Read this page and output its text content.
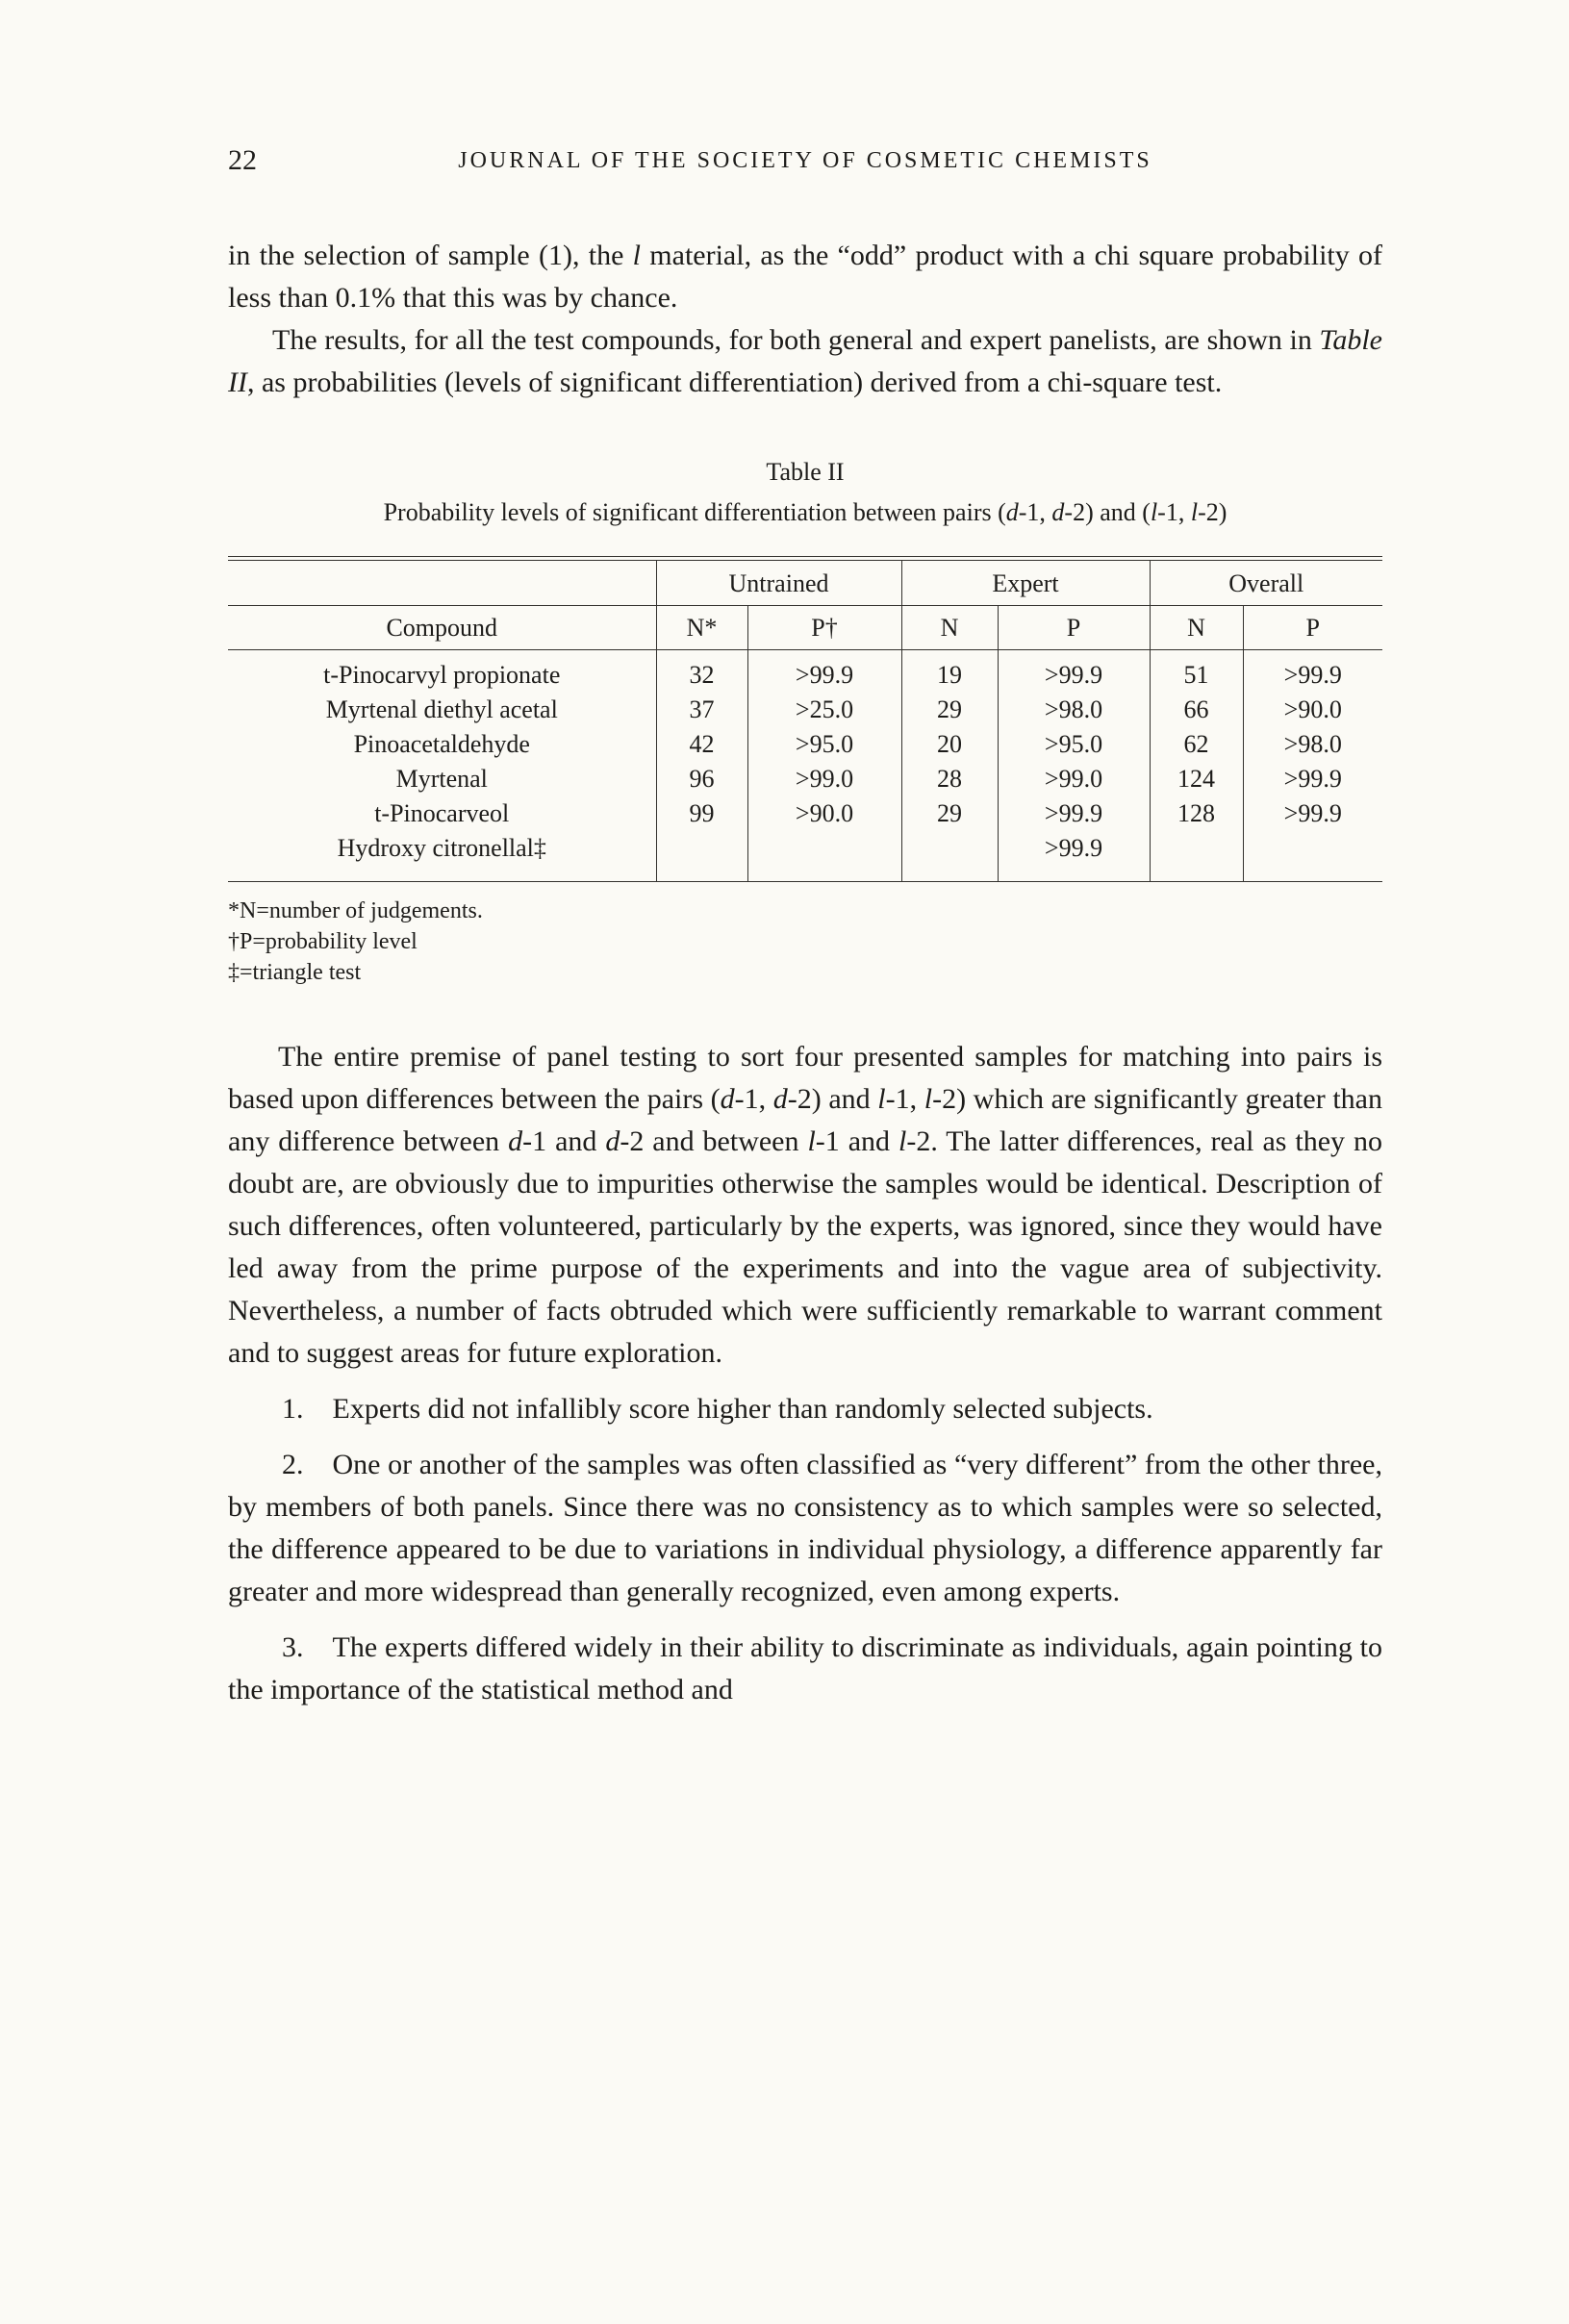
22	JOURNAL OF THE SOCIETY OF COSMETIC CHEMISTS

in the selection of sample (1), the l material, as the “odd” product with a chi square probability of less than 0.1% that this was by chance.

The results, for all the test compounds, for both general and expert panelists, are shown in Table II, as probabilities (levels of significant differentiation) derived from a chi-square test.

Table II
Probability levels of significant differentiation between pairs (d-1, d-2) and (l-1, l-2)
	Untrained		Expert		Overall	
Compound	N*	P†	N	P	N	P
t-Pinocarvyl propionate	32	>99.9	19	>99.9	51	>99.9
Myrtenal diethyl acetal	37	>25.0	29	>98.0	66	>90.0
Pinoacetaldehyde	42	>95.0	20	>95.0	62	>98.0
Myrtenal	96	>99.0	28	>99.0	124	>99.9
t-Pinocarveol	99	>90.0	29	>99.9	128	>99.9
Hydroxy citronellal‡				>99.9		
*N=number of judgements.
†P=probability level
‡=triangle test

The entire premise of panel testing to sort four presented samples for matching into pairs is based upon differences between the pairs (d-1, d-2) and l-1, l-2) which are significantly greater than any difference between d-1 and d-2 and between l-1 and l-2. The latter differences, real as they no doubt are, are obviously due to impurities otherwise the samples would be identical. Description of such differences, often volunteered, particularly by the experts, was ignored, since they would have led away from the prime purpose of the experiments and into the vague area of subjectivity. Nevertheless, a number of facts obtruded which were sufficiently remarkable to warrant comment and to suggest areas for future exploration.

1. Experts did not infallibly score higher than randomly selected subjects.

2. One or another of the samples was often classified as “very different” from the other three, by members of both panels. Since there was no consistency as to which samples were so selected, the difference appeared to be due to variations in individual physiology, a difference apparently far greater and more widespread than generally recognized, even among experts.

3. The experts differed widely in their ability to discriminate as individuals, again pointing to the importance of the statistical method and
